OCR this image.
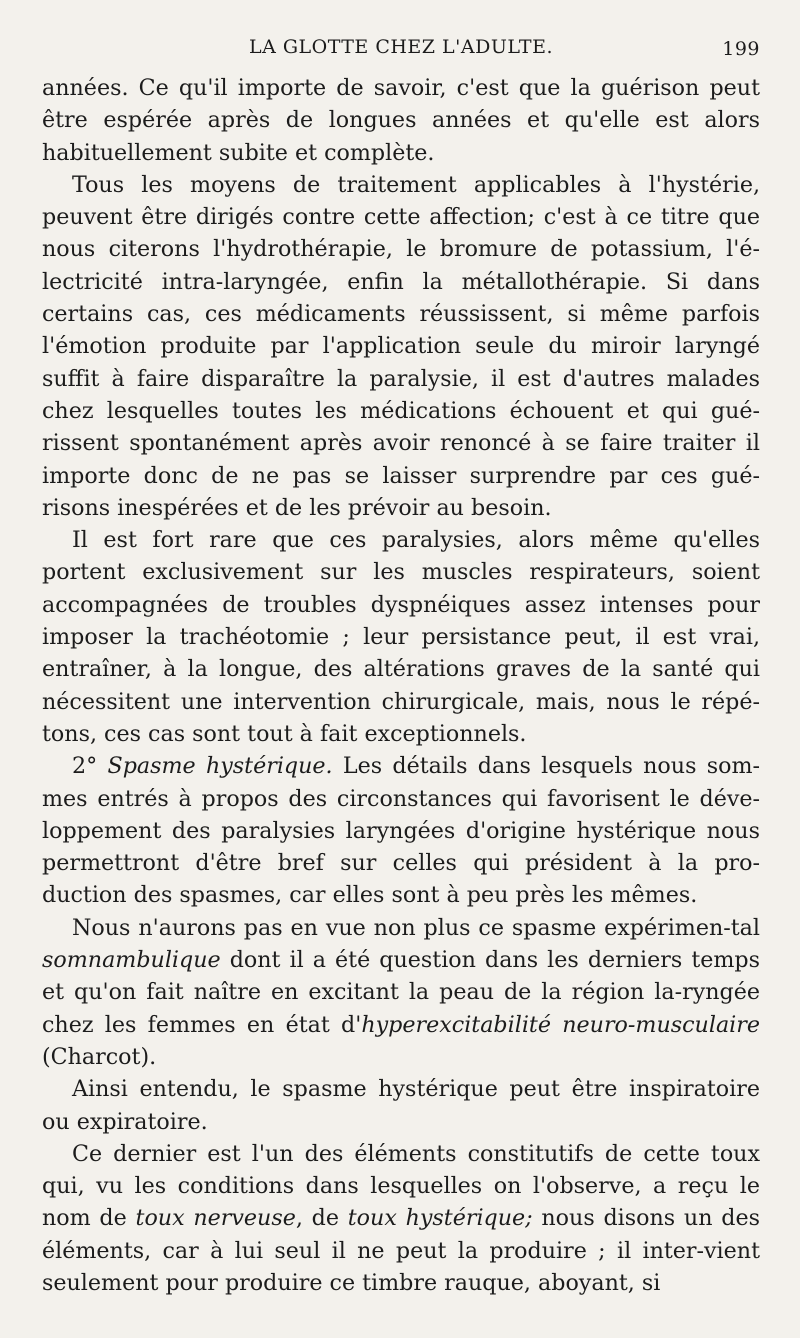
LA GLOTTE CHEZ L'ADULTE.	199

années. Ce qu'il importe de savoir, c'est que la guérison peut être espérée après de longues années et qu'elle est alors habituellement subite et complète.

Tous les moyens de traitement applicables à l'hystérie, peuvent être dirigés contre cette affection; c'est à ce titre que nous citerons l'hydrothérapie, le bromure de potassium, l'é-lectricité intra-laryngée, enfin la métallothérapie. Si dans certains cas, ces médicaments réussissent, si même parfois l'émotion produite par l'application seule du miroir laryngé suffit à faire disparaître la paralysie, il est d'autres malades chez lesquelles toutes les médications échouent et qui gué-rissent spontanément après avoir renoncé à se faire traiter il importe donc de ne pas se laisser surprendre par ces gué-risons inespérées et de les prévoir au besoin.

Il est fort rare que ces paralysies, alors même qu'elles portent exclusivement sur les muscles respirateurs, soient accompagnées de troubles dyspnéiques assez intenses pour imposer la trachéotomie ; leur persistance peut, il est vrai, entraîner, à la longue, des altérations graves de la santé qui nécessitent une intervention chirurgicale, mais, nous le répé-tons, ces cas sont tout à fait exceptionnels.

2° Spasme hystérique. Les détails dans lesquels nous som-mes entrés à propos des circonstances qui favorisent le déve-loppement des paralysies laryngées d'origine hystérique nous permettront d'être bref sur celles qui président à la pro-duction des spasmes, car elles sont à peu près les mêmes.

Nous n'aurons pas en vue non plus ce spasme expérimen-tal somnambulique dont il a été question dans les derniers temps et qu'on fait naître en excitant la peau de la région la-ryngée chez les femmes en état d'hyperexcitabilité neuro-musculaire (Charcot).

Ainsi entendu, le spasme hystérique peut être inspiratoire ou expiratoire.

Ce dernier est l'un des éléments constitutifs de cette toux qui, vu les conditions dans lesquelles on l'observe, a reçu le nom de toux nerveuse, de toux hystérique; nous disons un des éléments, car à lui seul il ne peut la produire ; il inter-vient seulement pour produire ce timbre rauque, aboyant, si
